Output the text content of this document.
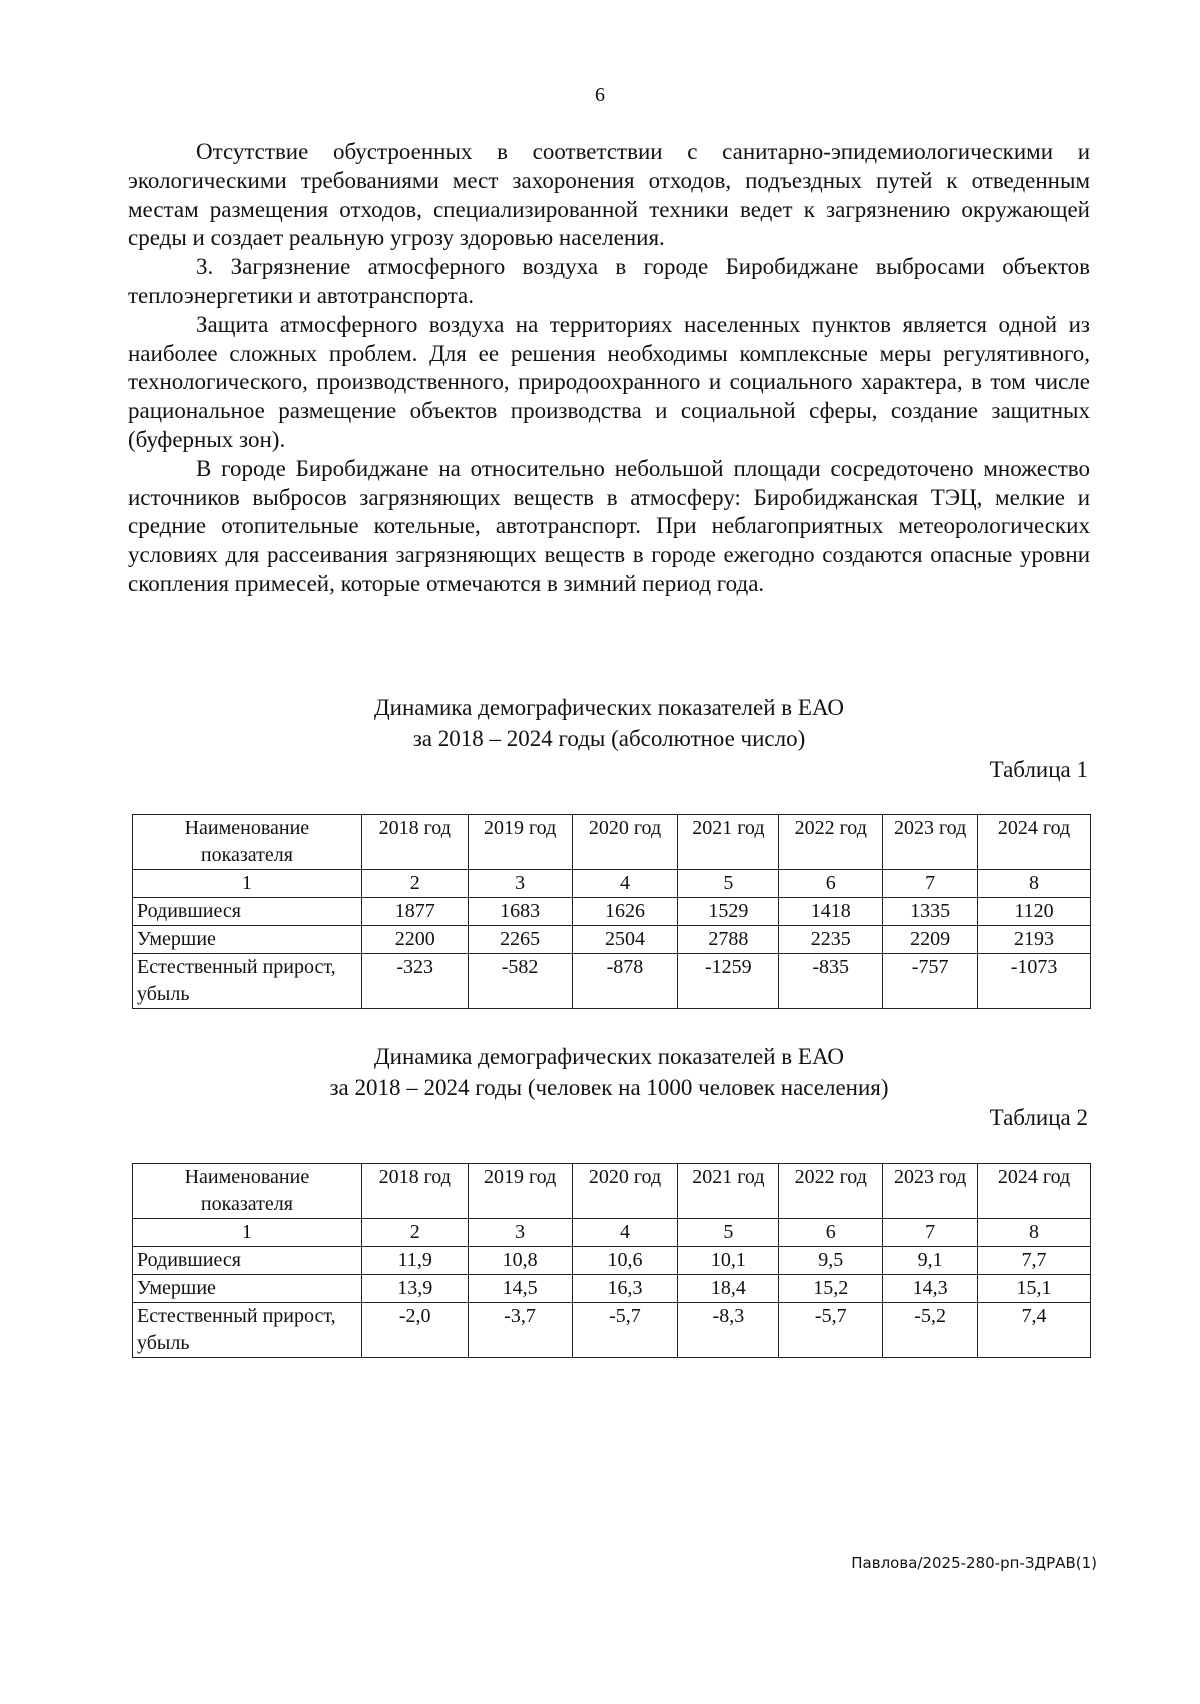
6

Отсутствие обустроенных в соответствии с санитарно-эпидемиологическими и экологическими требованиями мест захоронения отходов, подъездных путей к отведенным местам размещения отходов, специализированной техники ведет к загрязнению окружающей среды и создает реальную угрозу здоровью населения.

3. Загрязнение атмосферного воздуха в городе Биробиджане выбросами объектов теплоэнергетики и автотранспорта.

Защита атмосферного воздуха на территориях населенных пунктов является одной из наиболее сложных проблем. Для ее решения необходимы комплексные меры регулятивного, технологического, производственного, природоохранного и социального характера, в том числе рациональное размещение объектов производства и социальной сферы, создание защитных (буферных зон).

В городе Биробиджане на относительно небольшой площади сосредоточено множество источников выбросов загрязняющих веществ в атмосферу: Биробиджанская ТЭЦ, мелкие и средние отопительные котельные, автотранспорт. При неблагоприятных метеорологических условиях для рассеивания загрязняющих веществ в городе ежегодно создаются опасные уровни скопления примесей, которые отмечаются в зимний период года.

Динамика демографических показателей в ЕАО
за 2018 – 2024 годы (абсолютное число)
Таблица 1
Наименование показателя	2018 год	2019 год	2020 год	2021 год	2022 год	2023 год	2024 год
1	2	3	4	5	6	7	8
Родившиеся	1877	1683	1626	1529	1418	1335	1120
Умершие	2200	2265	2504	2788	2235	2209	2193
Естественный прирост, убыль	-323	-582	-878	-1259	-835	-757	-1073
Динамика демографических показателей в ЕАО
за 2018 – 2024 годы (человек на 1000 человек населения)
Таблица 2
Наименование показателя	2018 год	2019 год	2020 год	2021 год	2022 год	2023 год	2024 год
1	2	3	4	5	6	7	8
Родившиеся	11,9	10,8	10,6	10,1	9,5	9,1	7,7
Умершие	13,9	14,5	16,3	18,4	15,2	14,3	15,1
Естественный прирост, убыль	-2,0	-3,7	-5,7	-8,3	-5,7	-5,2	7,4
Павлова/2025-280-рп-ЗДРАВ(1)
